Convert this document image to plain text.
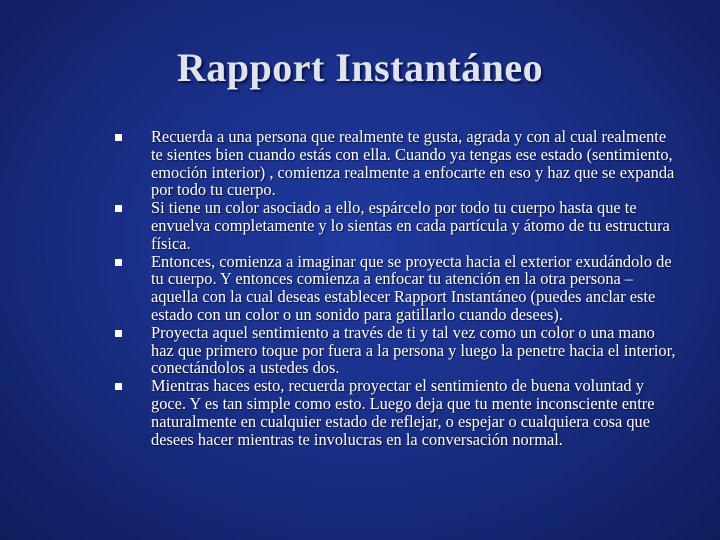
Rapport Instantáneo
Recuerda a una persona que realmente te gusta, agrada y con al cual realmente te sientes bien cuando estás con ella. Cuando ya tengas ese estado (sentimiento, emoción interior) , comienza realmente a enfocarte en eso y haz que se expanda por todo tu cuerpo.
Si tiene un color asociado a ello, espárcelo por todo tu cuerpo hasta que te envuelva completamente y lo sientas en cada partícula y átomo de tu estructura física.
Entonces, comienza a imaginar que se proyecta hacia el exterior exudándolo de tu cuerpo. Y entonces comienza a enfocar tu atención en la otra persona –aquella con la cual deseas establecer Rapport Instantáneo (puedes anclar este estado con un color o un sonido para gatillarlo cuando desees).
Proyecta aquel sentimiento a través de ti y tal vez como un color o una mano haz que primero toque por fuera a la persona y luego la penetre hacia el interior, conectándolos a ustedes dos.
Mientras haces esto, recuerda proyectar el sentimiento de buena voluntad y goce. Y es tan simple como esto. Luego deja que tu mente inconsciente entre naturalmente en cualquier estado de reflejar, o espejar o cualquiera cosa que desees hacer mientras te involucras en la conversación normal.
